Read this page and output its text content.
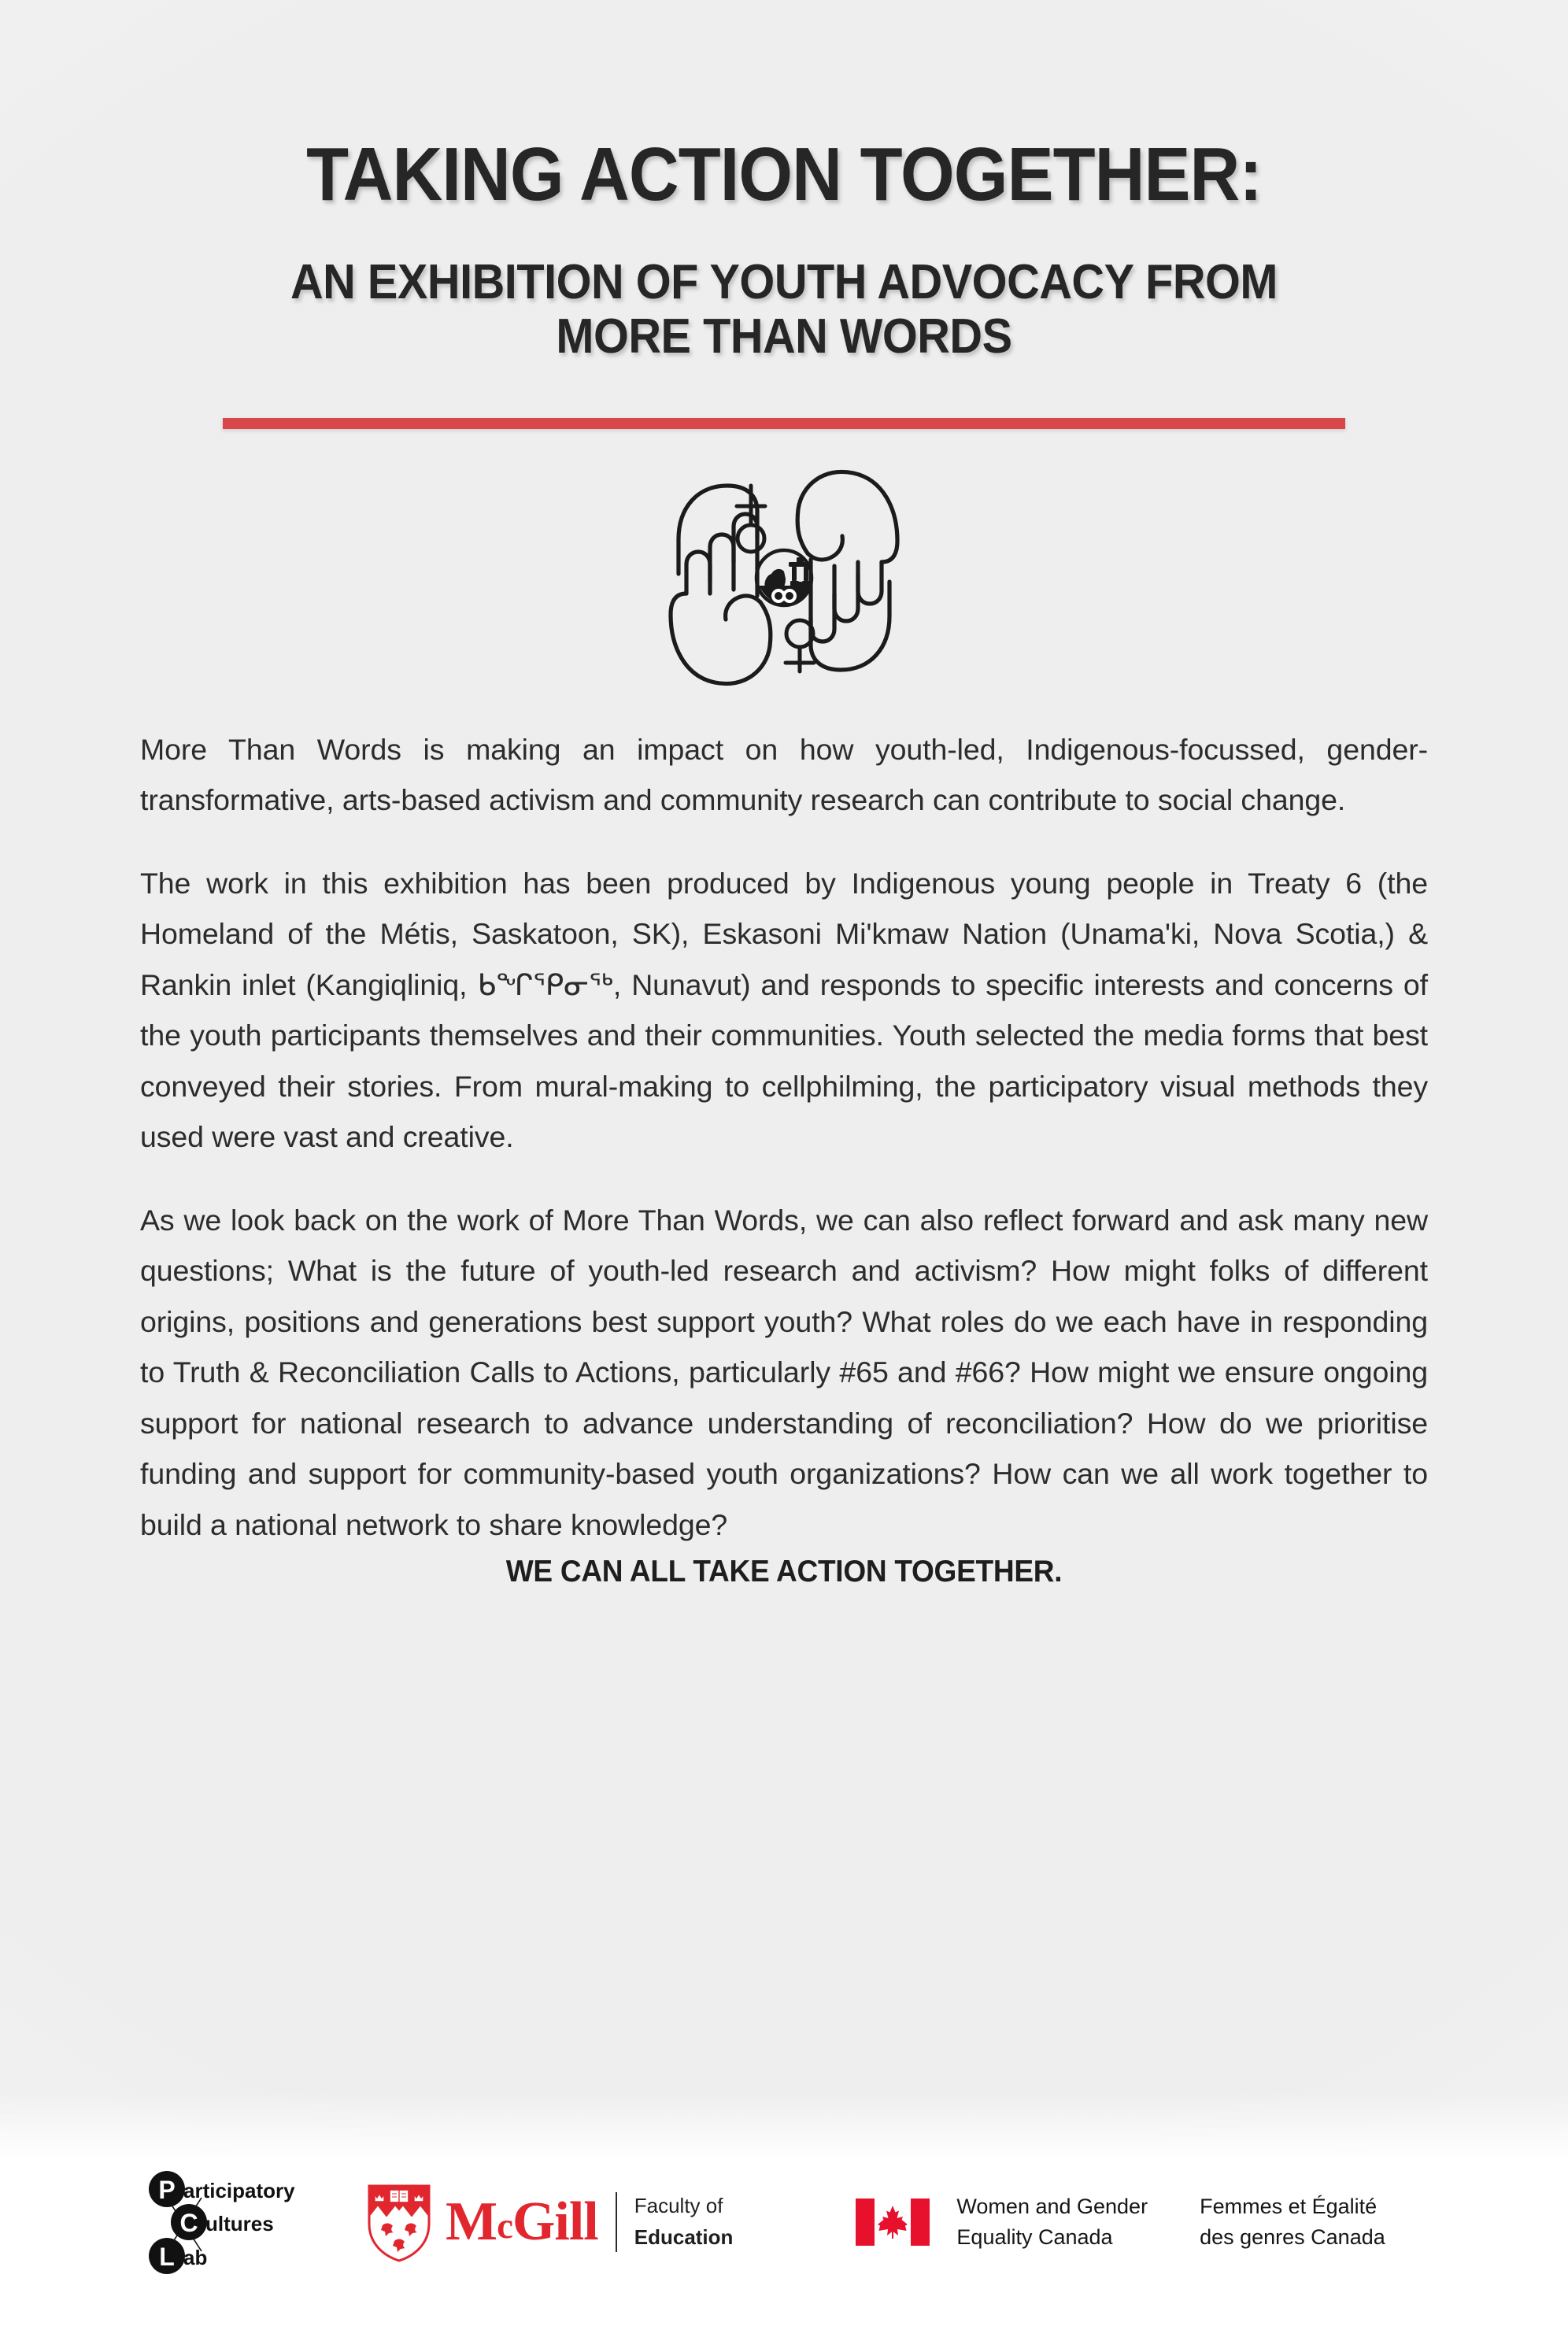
TAKING ACTION TOGETHER:
AN EXHIBITION OF YOUTH ADVOCACY FROM
MORE THAN WORDS

More Than Words is making an impact on how youth-led, Indigenous-focussed, gender-transformative, arts-based activism and community research can contribute to social change.

The work in this exhibition has been produced by Indigenous young people in Treaty 6 (the Homeland of the Métis, Saskatoon, SK), Eskasoni Mi'kmaw Nation (Unama'ki, Nova Scotia,) & Rankin inlet (Kangiqliniq, ᑲᖏᕿᓂᖅ, Nunavut) and responds to specific interests and concerns of the youth participants themselves and their communities. Youth selected the media forms that best conveyed their stories. From mural-making to cellphilming, the participatory visual methods they used were vast and creative.

As we look back on the work of More Than Words, we can also reflect forward and ask many new questions; What is the future of youth-led research and activism? How might folks of different origins, positions and generations best support youth? What roles do we each have in responding to Truth & Reconciliation Calls to Actions, particularly #65 and #66? How might we ensure ongoing support for national research to advance understanding of reconciliation? How do we prioritise funding and support for community-based youth organizations? How can we all work together to build a national network to share knowledge?

WE CAN ALL TAKE ACTION TOGETHER.
P
C
L
articipatory
ultures
ab
McGill Faculty of
Education
Women and Gender
Equality Canada
Femmes et Égalité
des genres Canada
